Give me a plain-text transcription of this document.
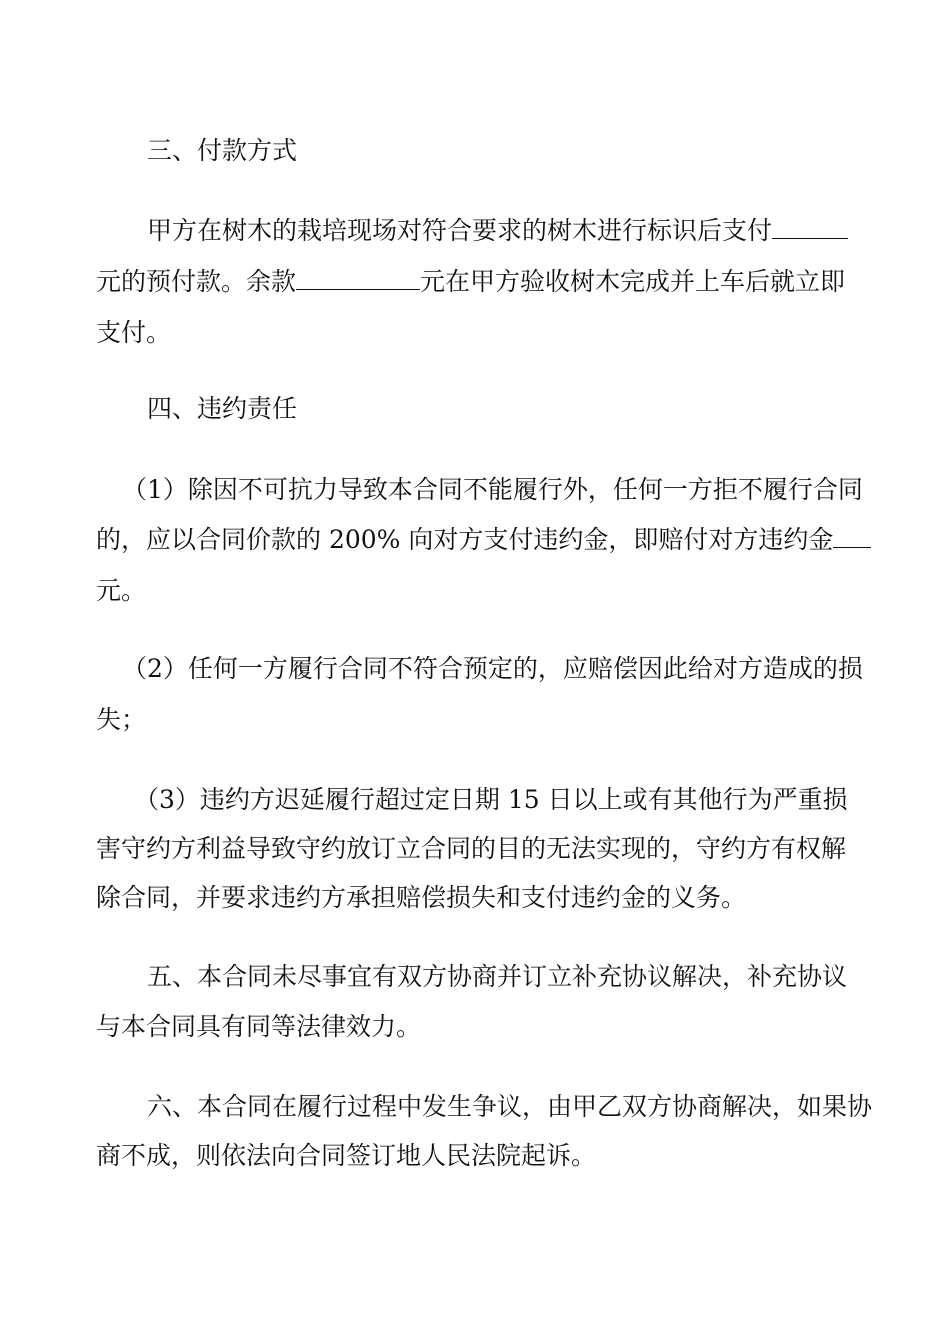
三、付款方式
甲方在树木的栽培现场对符合要求的树木进行标识后支付
元的预付款。余款	元在甲方验收树木完成并上车后就立即
支付。
四、违约责任
（1）除因不可抗力导致本合同不能履行外，任何一方拒不履行合同
的，应以合同价款的 200% 向对方支付违约金，即赔付对方违约金
元。
（2）任何一方履行合同不符合预定的，应赔偿因此给对方造成的损
失；
（3）违约方迟延履行超过定日期 15 日以上或有其他行为严重损
害守约方利益导致守约放订立合同的目的无法实现的，守约方有权解
除合同，并要求违约方承担赔偿损失和支付违约金的义务。
五、本合同未尽事宜有双方协商并订立补充协议解决，补充协议
与本合同具有同等法律效力。
六、本合同在履行过程中发生争议，由甲乙双方协商解决，如果协
商不成，则依法向合同签订地人民法院起诉。
